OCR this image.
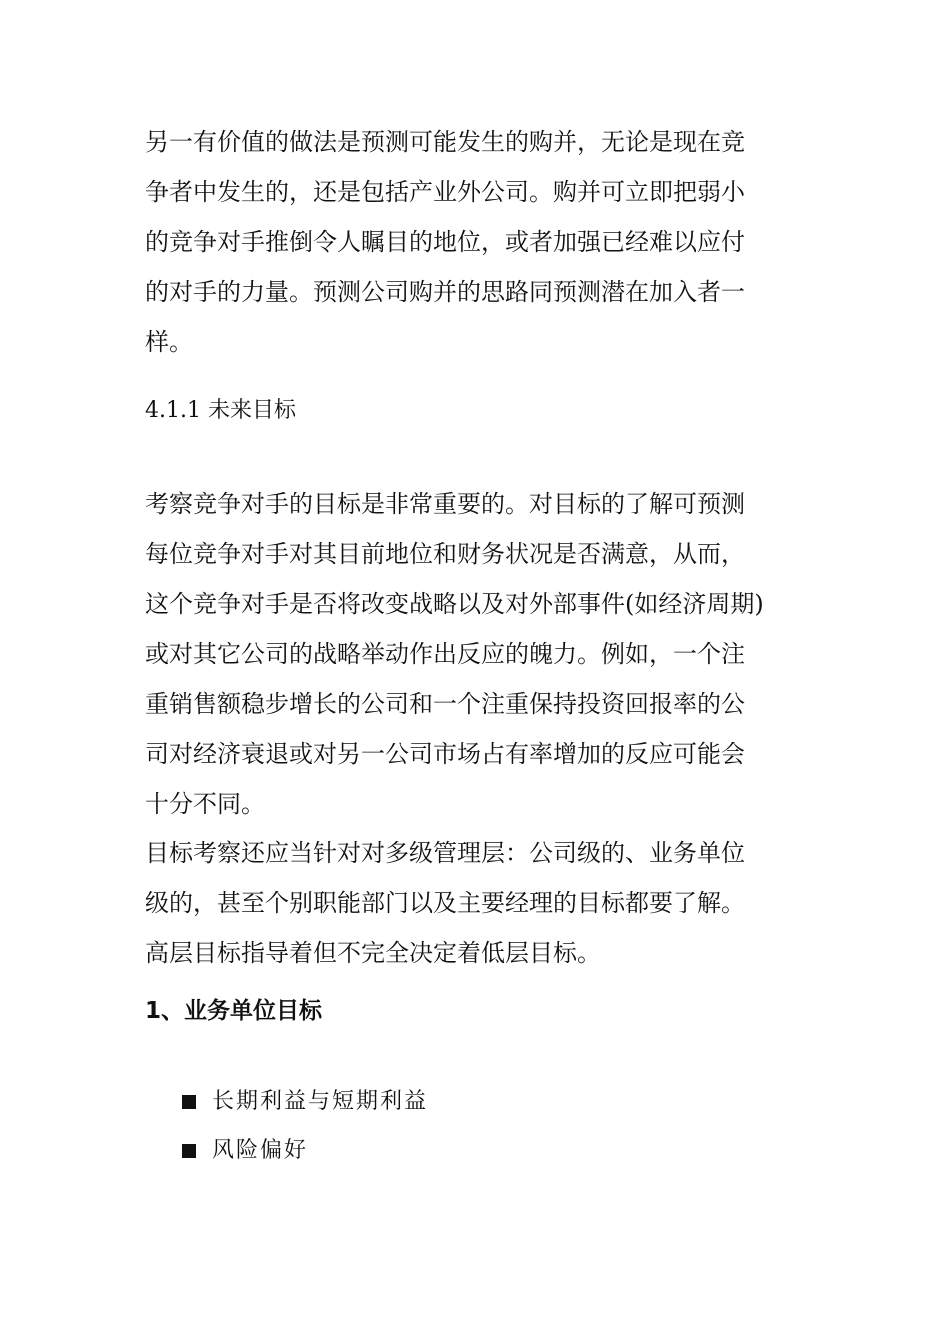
另一有价值的做法是预测可能发生的购并，无论是现在竞
争者中发生的，还是包括产业外公司。购并可立即把弱小
的竞争对手推倒令人瞩目的地位，或者加强已经难以应付
的对手的力量。预测公司购并的思路同预测潜在加入者一
样。
4.1.1 未来目标
考察竞争对手的目标是非常重要的。对目标的了解可预测
每位竞争对手对其目前地位和财务状况是否满意，从而，
这个竞争对手是否将改变战略以及对外部事件(如经济周期)
或对其它公司的战略举动作出反应的魄力。例如，一个注
重销售额稳步增长的公司和一个注重保持投资回报率的公
司对经济衰退或对另一公司市场占有率增加的反应可能会
十分不同。
目标考察还应当针对对多级管理层：公司级的、业务单位
级的，甚至个别职能部门以及主要经理的目标都要了解。
高层目标指导着但不完全决定着低层目标。
1、业务单位目标
长期利益与短期利益
风险偏好
